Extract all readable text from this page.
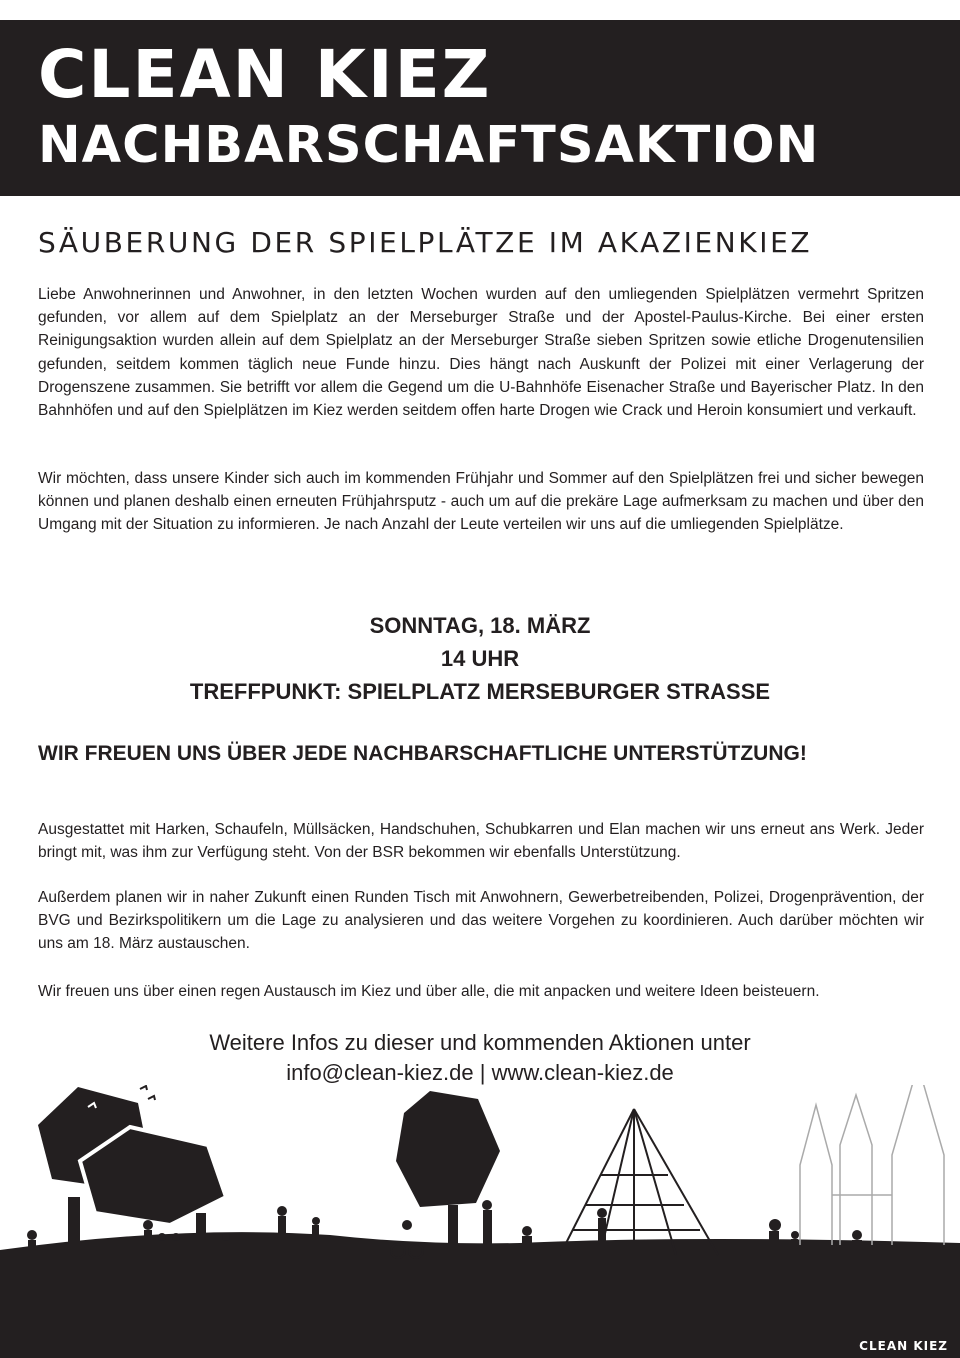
CLEAN KIEZ
NACHBARSCHAFTSAKTION
SÄUBERUNG DER SPIELPLÄTZE IM AKAZIENKIEZ
Liebe Anwohnerinnen und Anwohner, in den letzten Wochen wurden auf den umliegenden Spielplätzen vermehrt Spritzen gefunden, vor allem auf dem Spielplatz an der Merseburger Straße und der Apostel-Paulus-Kirche. Bei einer ersten Reinigungsaktion wurden allein auf dem Spielplatz an der Merseburger Straße sieben Spritzen sowie etliche Drogenutensilien gefunden, seitdem kommen täglich neue Funde hinzu. Dies hängt nach Auskunft der Polizei mit einer Verlagerung der Drogenszene zusammen. Sie betrifft vor allem die Gegend um die U-Bahnhöfe Eisenacher Straße und Bayerischer Platz. In den Bahnhöfen und auf den Spielplätzen im Kiez werden seitdem offen harte Drogen wie Crack und Heroin konsumiert und verkauft.
Wir möchten, dass unsere Kinder sich auch im kommenden Frühjahr und Sommer auf den Spielplätzen frei und sicher bewegen können und planen deshalb einen erneuten Frühjahrsputz - auch um auf die prekäre Lage aufmerksam zu machen und über den Umgang mit der Situation zu informieren. Je nach Anzahl der Leute verteilen wir uns auf die umliegenden Spielplätze.
SONNTAG, 18. MÄRZ
14 UHR
TREFFPUNKT: SPIELPLATZ MERSEBURGER STRASSE
WIR FREUEN UNS ÜBER JEDE NACHBARSCHAFTLICHE UNTERSTÜTZUNG!
Ausgestattet mit Harken, Schaufeln, Müllsäcken, Handschuhen, Schubkarren und Elan machen wir uns erneut ans Werk. Jeder bringt mit, was ihm zur Verfügung steht. Von der BSR bekommen wir ebenfalls Unterstützung.
Außerdem planen wir in naher Zukunft einen Runden Tisch mit Anwohnern, Gewerbetreibenden, Polizei, Drogenprävention, der BVG und Bezirkspolitikern um die Lage zu analysieren und das weitere Vorgehen zu koordinieren. Auch darüber möchten wir uns am 18. März austauschen.
Wir freuen uns über einen regen Austausch im Kiez und über alle, die mit anpacken und weitere Ideen beisteuern.
Weitere Infos zu dieser und kommenden Aktionen unter
info@clean-kiez.de | www.clean-kiez.de
CLEAN KIEZ
